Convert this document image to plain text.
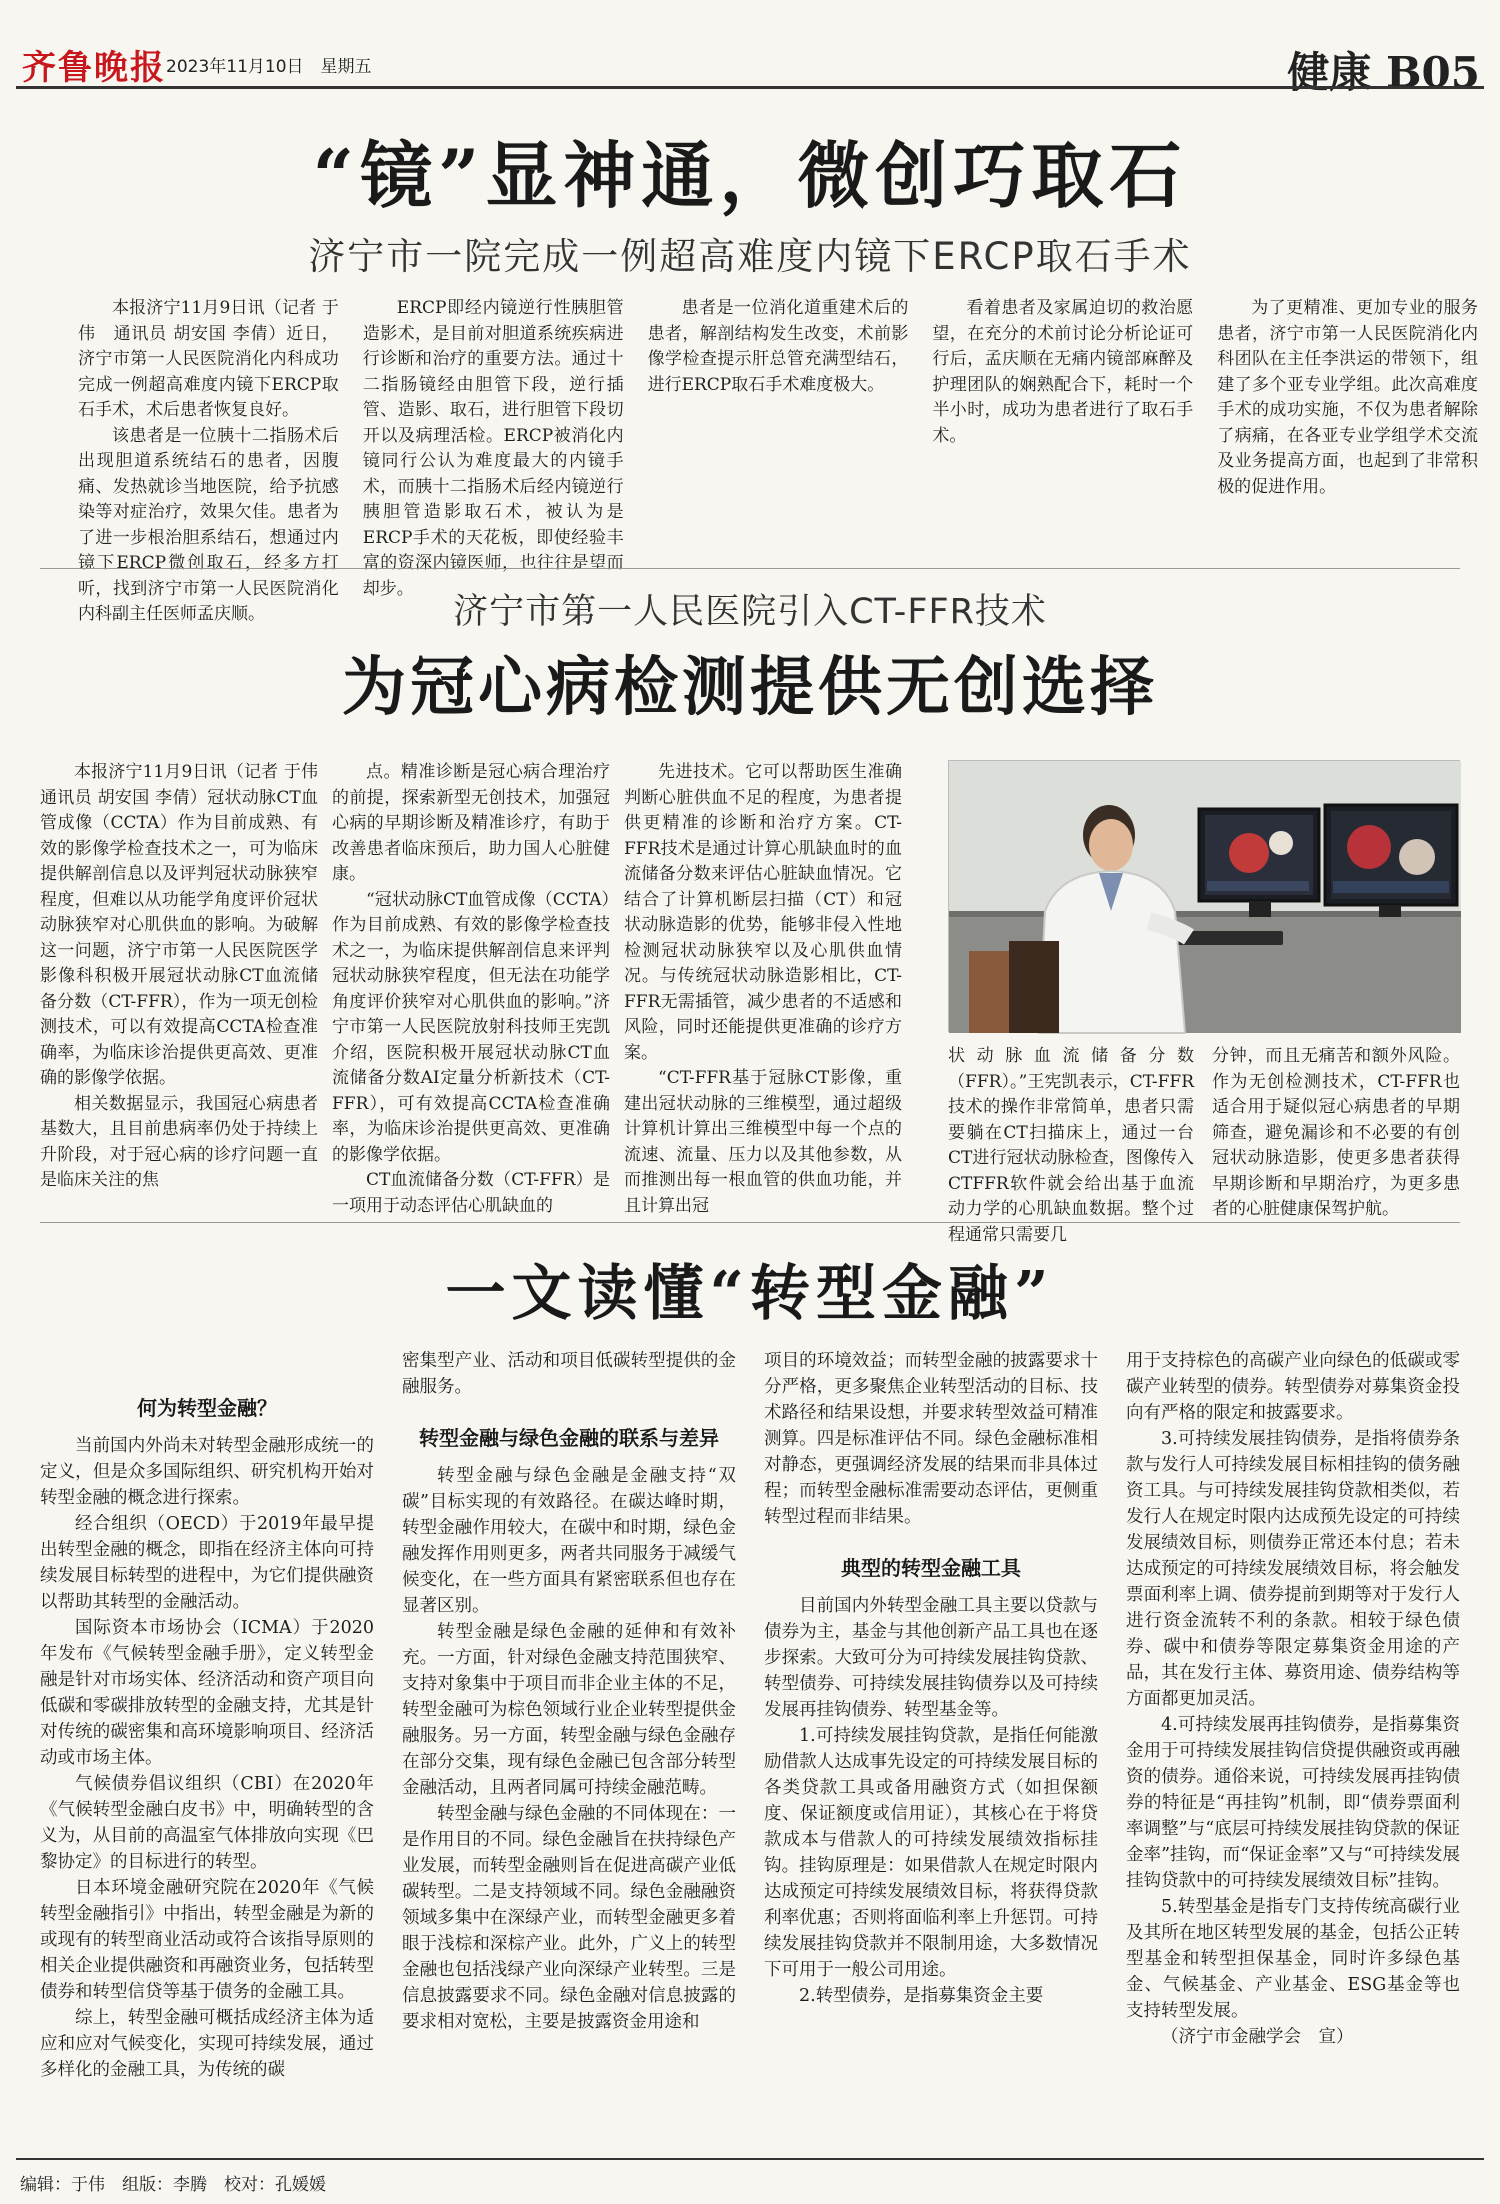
齐鲁晚报 2023年11月10日　星期五	健康 B05
“镜”显神通，微创巧取石
济宁市一院完成一例超高难度内镜下ERCP取石手术

本报济宁11月9日讯（记者 于伟　通讯员 胡安国 李倩）近日，济宁市第一人民医院消化内科成功完成一例超高难度内镜下ERCP取石手术，术后患者恢复良好。

该患者是一位胰十二指肠术后出现胆道系统结石的患者，因腹痛、发热就诊当地医院，给予抗感染等对症治疗，效果欠佳。患者为了进一步根治胆系结石，想通过内镜下ERCP微创取石，经多方打听，找到济宁市第一人民医院消化内科副主任医师孟庆顺。

ERCP即经内镜逆行性胰胆管造影术，是目前对胆道系统疾病进行诊断和治疗的重要方法。通过十二指肠镜经由胆管下段，逆行插管、造影、取石，进行胆管下段切开以及病理活检。ERCP被消化内镜同行公认为难度最大的内镜手术，而胰十二指肠术后经内镜逆行胰胆管造影取石术，被认为是ERCP手术的天花板，即使经验丰富的资深内镜医师，也往往是望而却步。

患者是一位消化道重建术后的患者，解剖结构发生改变，术前影像学检查提示肝总管充满型结石，进行ERCP取石手术难度极大。

看着患者及家属迫切的救治愿望，在充分的术前讨论分析论证可行后，孟庆顺在无痛内镜部麻醉及护理团队的娴熟配合下，耗时一个半小时，成功为患者进行了取石手术。

为了更精准、更加专业的服务患者，济宁市第一人民医院消化内科团队在主任李洪运的带领下，组建了多个亚专业学组。此次高难度手术的成功实施，不仅为患者解除了病痛，在各亚专业学组学术交流及业务提高方面，也起到了非常积极的促进作用。

济宁市第一人民医院引入CT-FFR技术
为冠心病检测提供无创选择

本报济宁11月9日讯（记者 于伟　通讯员 胡安国 李倩）冠状动脉CT血管成像（CCTA）作为目前成熟、有效的影像学检查技术之一，可为临床提供解剖信息以及评判冠状动脉狭窄程度，但难以从功能学角度评价冠状动脉狭窄对心肌供血的影响。为破解这一问题，济宁市第一人民医院医学影像科积极开展冠状动脉CT血流储备分数（CT-FFR），作为一项无创检测技术，可以有效提高CCTA检查准确率，为临床诊治提供更高效、更准确的影像学依据。

相关数据显示，我国冠心病患者基数大，且目前患病率仍处于持续上升阶段，对于冠心病的诊疗问题一直是临床关注的焦

点。精准诊断是冠心病合理治疗的前提，探索新型无创技术，加强冠心病的早期诊断及精准诊疗，有助于改善患者临床预后，助力国人心脏健康。

“冠状动脉CT血管成像（CCTA）作为目前成熟、有效的影像学检查技术之一，为临床提供解剖信息来评判冠状动脉狭窄程度，但无法在功能学角度评价狭窄对心肌供血的影响。”济宁市第一人民医院放射科技师王宪凯介绍，医院积极开展冠状动脉CT血流储备分数AI定量分析新技术（CT-FFR），可有效提高CCTA检查准确率，为临床诊治提供更高效、更准确的影像学依据。

CT血流储备分数（CT-FFR）是一项用于动态评估心肌缺血的

先进技术。它可以帮助医生准确判断心脏供血不足的程度，为患者提供更精准的诊断和治疗方案。CT-FFR技术是通过计算心肌缺血时的血流储备分数来评估心脏缺血情况。它结合了计算机断层扫描（CT）和冠状动脉造影的优势，能够非侵入性地检测冠状动脉狭窄以及心肌供血情况。与传统冠状动脉造影相比，CT-FFR无需插管，减少患者的不适感和风险，同时还能提供更准确的诊疗方案。

“CT-FFR基于冠脉CT影像，重建出冠状动脉的三维模型，通过超级计算机计算出三维模型中每一个点的流速、流量、压力以及其他参数，从而推测出每一根血管的供血功能，并且计算出冠

状动脉血流储备分数（FFR）。”王宪凯表示，CT-FFR技术的操作非常简单，患者只需要躺在CT扫描床上，通过一台CT进行冠状动脉检查，图像传入CTFFR软件就会给出基于血流动力学的心肌缺血数据。整个过程通常只需要几

分钟，而且无痛苦和额外风险。作为无创检测技术，CT-FFR也适合用于疑似冠心病患者的早期筛查，避免漏诊和不必要的有创冠状动脉造影，使更多患者获得早期诊断和早期治疗，为更多患者的心脏健康保驾护航。

一文读懂“转型金融”
何为转型金融？

当前国内外尚未对转型金融形成统一的定义，但是众多国际组织、研究机构开始对转型金融的概念进行探索。

经合组织（OECD）于2019年最早提出转型金融的概念，即指在经济主体向可持续发展目标转型的进程中，为它们提供融资以帮助其转型的金融活动。

国际资本市场协会（ICMA）于2020年发布《气候转型金融手册》，定义转型金融是针对市场实体、经济活动和资产项目向低碳和零碳排放转型的金融支持，尤其是针对传统的碳密集和高环境影响项目、经济活动或市场主体。

气候债券倡议组织（CBI）在2020年《气候转型金融白皮书》中，明确转型的含义为，从目前的高温室气体排放向实现《巴黎协定》的目标进行的转型。

日本环境金融研究院在2020年《气候转型金融指引》中指出，转型金融是为新的或现有的转型商业活动或符合该指导原则的相关企业提供融资和再融资业务，包括转型债券和转型信贷等基于债务的金融工具。

综上，转型金融可概括成经济主体为适应和应对气候变化，实现可持续发展，通过多样化的金融工具，为传统的碳

密集型产业、活动和项目低碳转型提供的金融服务。

转型金融与绿色金融的联系与差异

转型金融与绿色金融是金融支持“双碳”目标实现的有效路径。在碳达峰时期，转型金融作用较大，在碳中和时期，绿色金融发挥作用则更多，两者共同服务于减缓气候变化，在一些方面具有紧密联系但也存在显著区别。

转型金融是绿色金融的延伸和有效补充。一方面，针对绿色金融支持范围狭窄、支持对象集中于项目而非企业主体的不足，转型金融可为棕色领域行业企业转型提供金融服务。另一方面，转型金融与绿色金融存在部分交集，现有绿色金融已包含部分转型金融活动，且两者同属可持续金融范畴。

转型金融与绿色金融的不同体现在：一是作用目的不同。绿色金融旨在扶持绿色产业发展，而转型金融则旨在促进高碳产业低碳转型。二是支持领域不同。绿色金融融资领域多集中在深绿产业，而转型金融更多着眼于浅棕和深棕产业。此外，广义上的转型金融也包括浅绿产业向深绿产业转型。三是信息披露要求不同。绿色金融对信息披露的要求相对宽松，主要是披露资金用途和

项目的环境效益；而转型金融的披露要求十分严格，更多聚焦企业转型活动的目标、技术路径和结果设想，并要求转型效益可精准测算。四是标准评估不同。绿色金融标准相对静态，更强调经济发展的结果而非具体过程；而转型金融标准需要动态评估，更侧重转型过程而非结果。

典型的转型金融工具

目前国内外转型金融工具主要以贷款与债券为主，基金与其他创新产品工具也在逐步探索。大致可分为可持续发展挂钩贷款、转型债券、可持续发展挂钩债券以及可持续发展再挂钩债券、转型基金等。

1.可持续发展挂钩贷款，是指任何能激励借款人达成事先设定的可持续发展目标的各类贷款工具或备用融资方式（如担保额度、保证额度或信用证），其核心在于将贷款成本与借款人的可持续发展绩效指标挂钩。挂钩原理是：如果借款人在规定时限内达成预定可持续发展绩效目标，将获得贷款利率优惠；否则将面临利率上升惩罚。可持续发展挂钩贷款并不限制用途，大多数情况下可用于一般公司用途。

2.转型债券，是指募集资金主要

用于支持棕色的高碳产业向绿色的低碳或零碳产业转型的债券。转型债券对募集资金投向有严格的限定和披露要求。

3.可持续发展挂钩债券，是指将债券条款与发行人可持续发展目标相挂钩的债务融资工具。与可持续发展挂钩贷款相类似，若发行人在规定时限内达成预先设定的可持续发展绩效目标，则债券正常还本付息；若未达成预定的可持续发展绩效目标，将会触发票面利率上调、债券提前到期等对于发行人进行资金流转不利的条款。相较于绿色债券、碳中和债券等限定募集资金用途的产品，其在发行主体、募资用途、债券结构等方面都更加灵活。

4.可持续发展再挂钩债券，是指募集资金用于可持续发展挂钩信贷提供融资或再融资的债券。通俗来说，可持续发展再挂钩债券的特征是“再挂钩”机制，即“债券票面利率调整”与“底层可持续发展挂钩贷款的保证金率”挂钩，而“保证金率”又与“可持续发展挂钩贷款中的可持续发展绩效目标”挂钩。

5.转型基金是指专门支持传统高碳行业及其所在地区转型发展的基金，包括公正转型基金和转型担保基金，同时许多绿色基金、气候基金、产业基金、ESG基金等也支持转型发展。

（济宁市金融学会　宣）

编辑：于伟　组版：李腾　校对：孔媛媛
